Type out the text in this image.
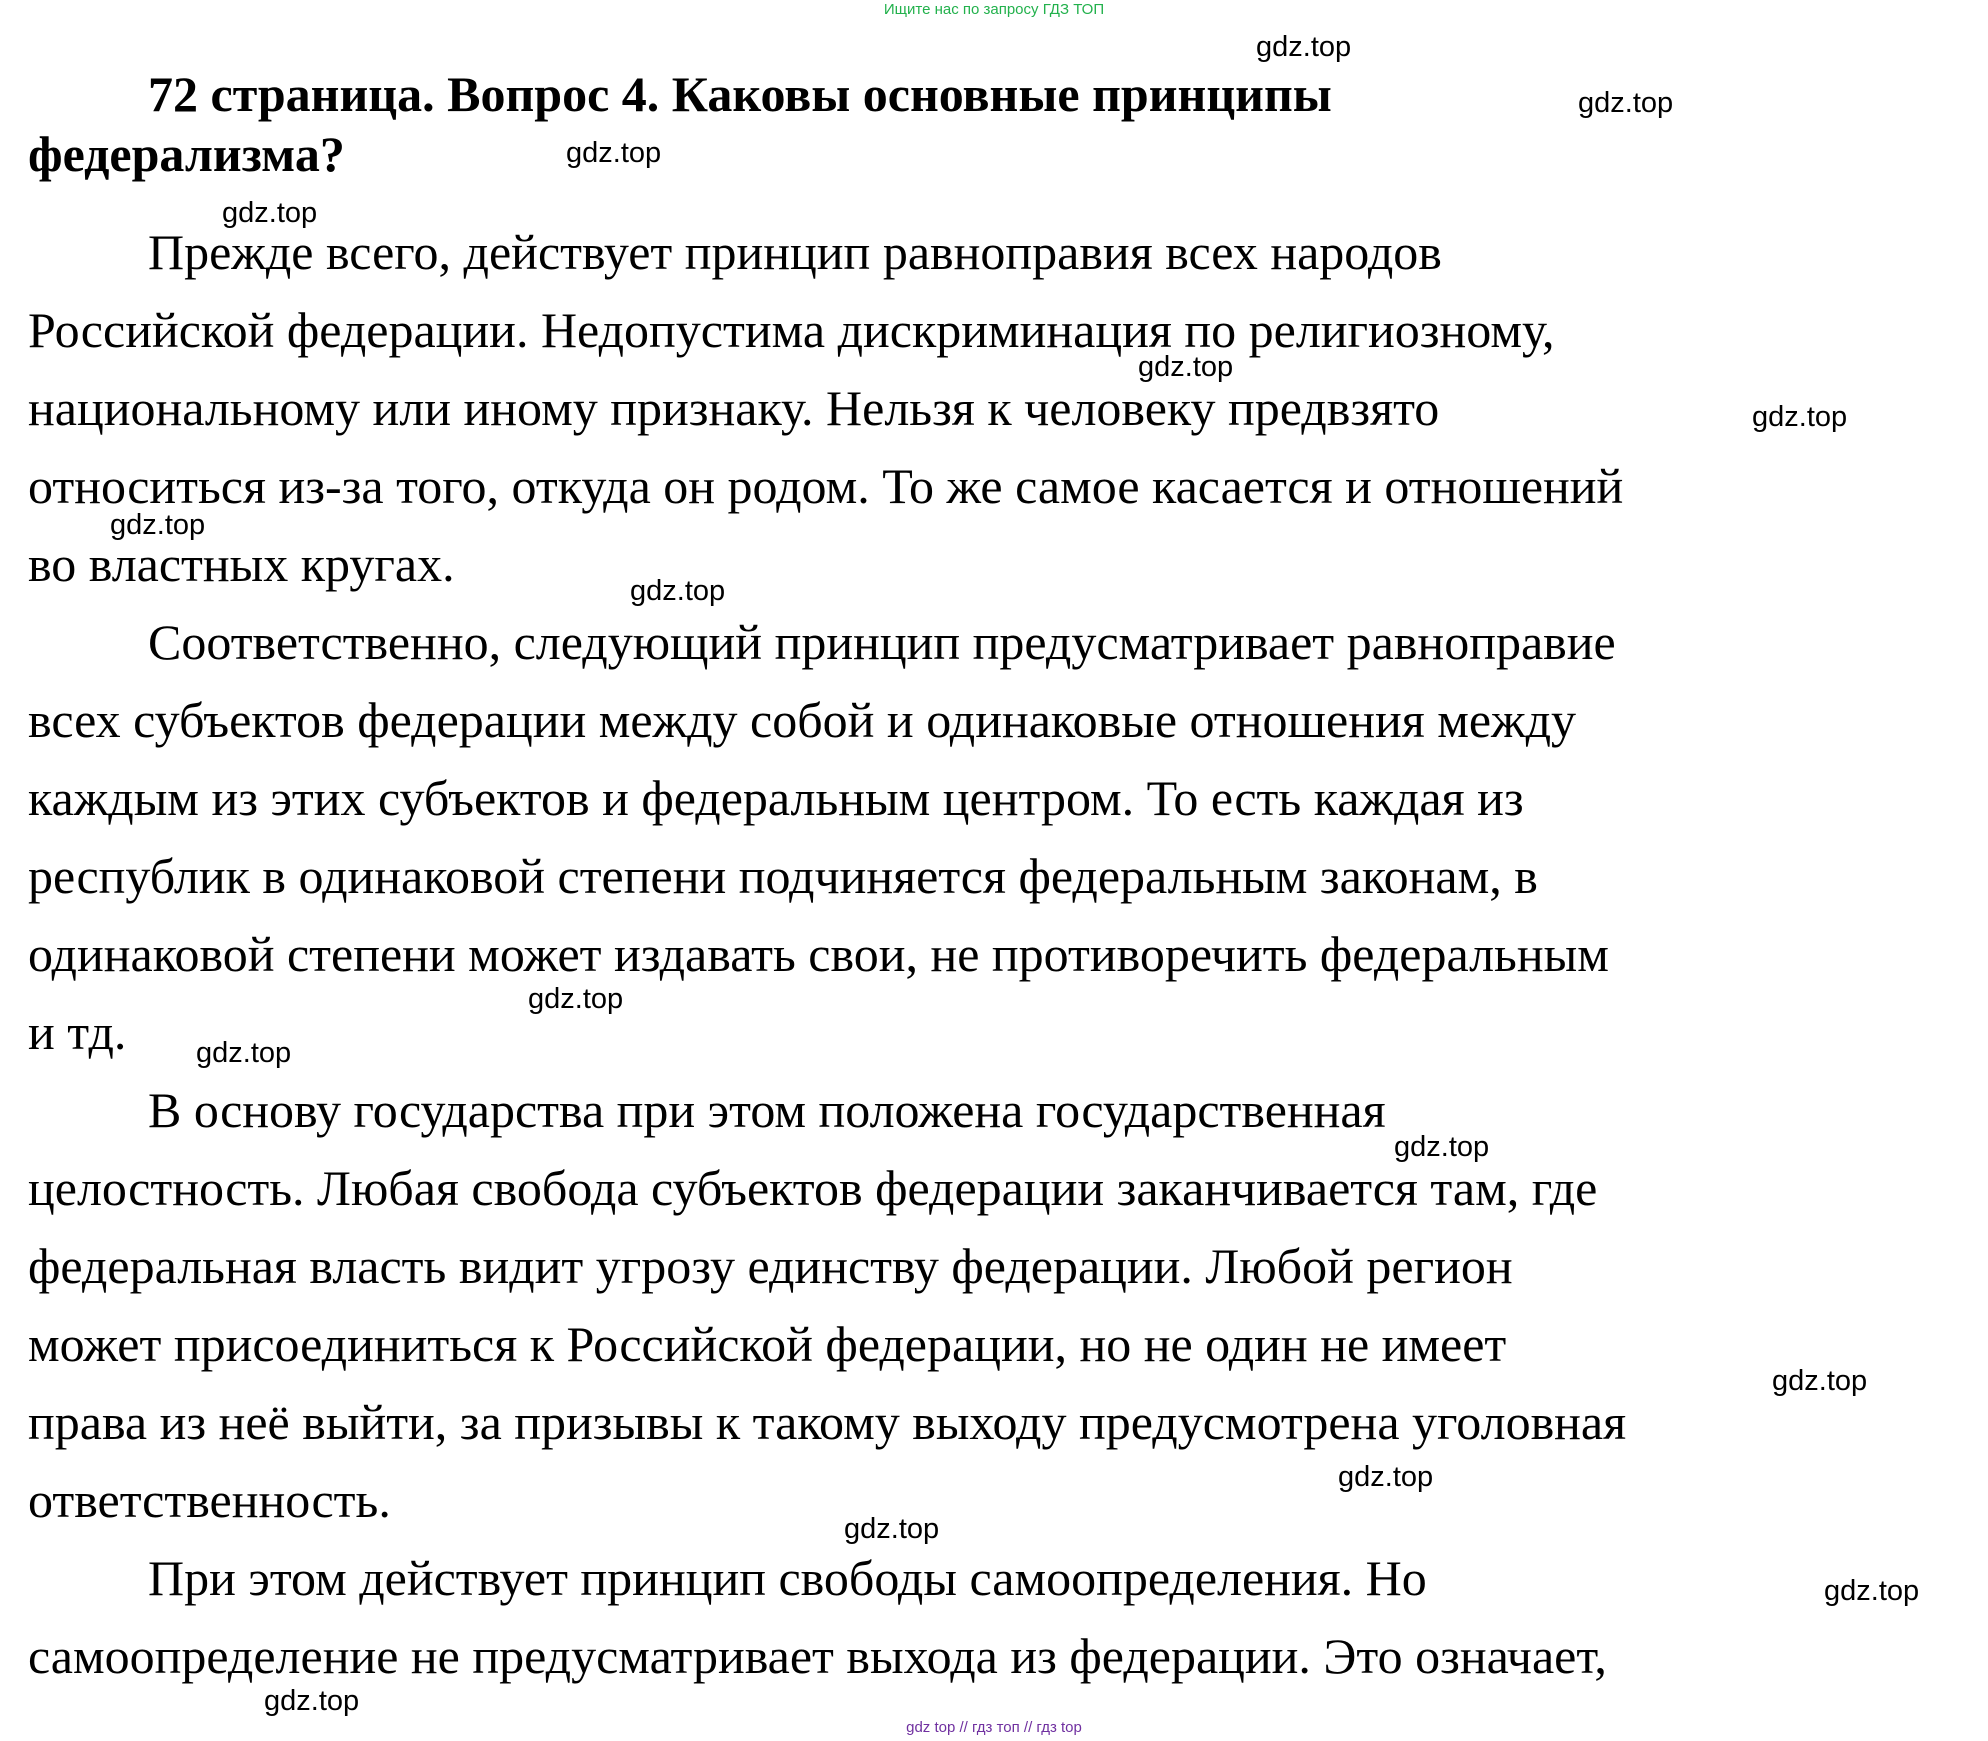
Ищите нас по запросу ГДЗ ТОП
72 страница. Вопрос 4. Каковы основные принципы
федерализма?
Прежде всего, действует принцип равноправия всех народов
Российской федерации. Недопустима дискриминация по религиозному,
национальному или иному признаку. Нельзя к человеку предвзято
относиться из-за того, откуда он родом. То же самое касается и отношений
во властных кругах.
Соответственно, следующий принцип предусматривает равноправие
всех субъектов федерации между собой и одинаковые отношения между
каждым из этих субъектов и федеральным центром. То есть каждая из
республик в одинаковой степени подчиняется федеральным законам, в
одинаковой степени может издавать свои, не противоречить федеральным
и тд.
В основу государства при этом положена государственная
целостность. Любая свобода субъектов федерации заканчивается там, где
федеральная власть видит угрозу единству федерации. Любой регион
может присоединиться к Российской федерации, но не один не имеет
права из неё выйти, за призывы к такому выходу предусмотрена уголовная
ответственность.
При этом действует принцип свободы самоопределения. Но
самоопределение не предусматривает выхода из федерации. Это означает,
gdz.top
gdz.top
gdz.top
gdz.top
gdz.top
gdz.top
gdz.top
gdz.top
gdz.top
gdz.top
gdz.top
gdz.top
gdz.top
gdz.top
gdz.top
gdz.top
gdz top // гдз топ // гдз top
